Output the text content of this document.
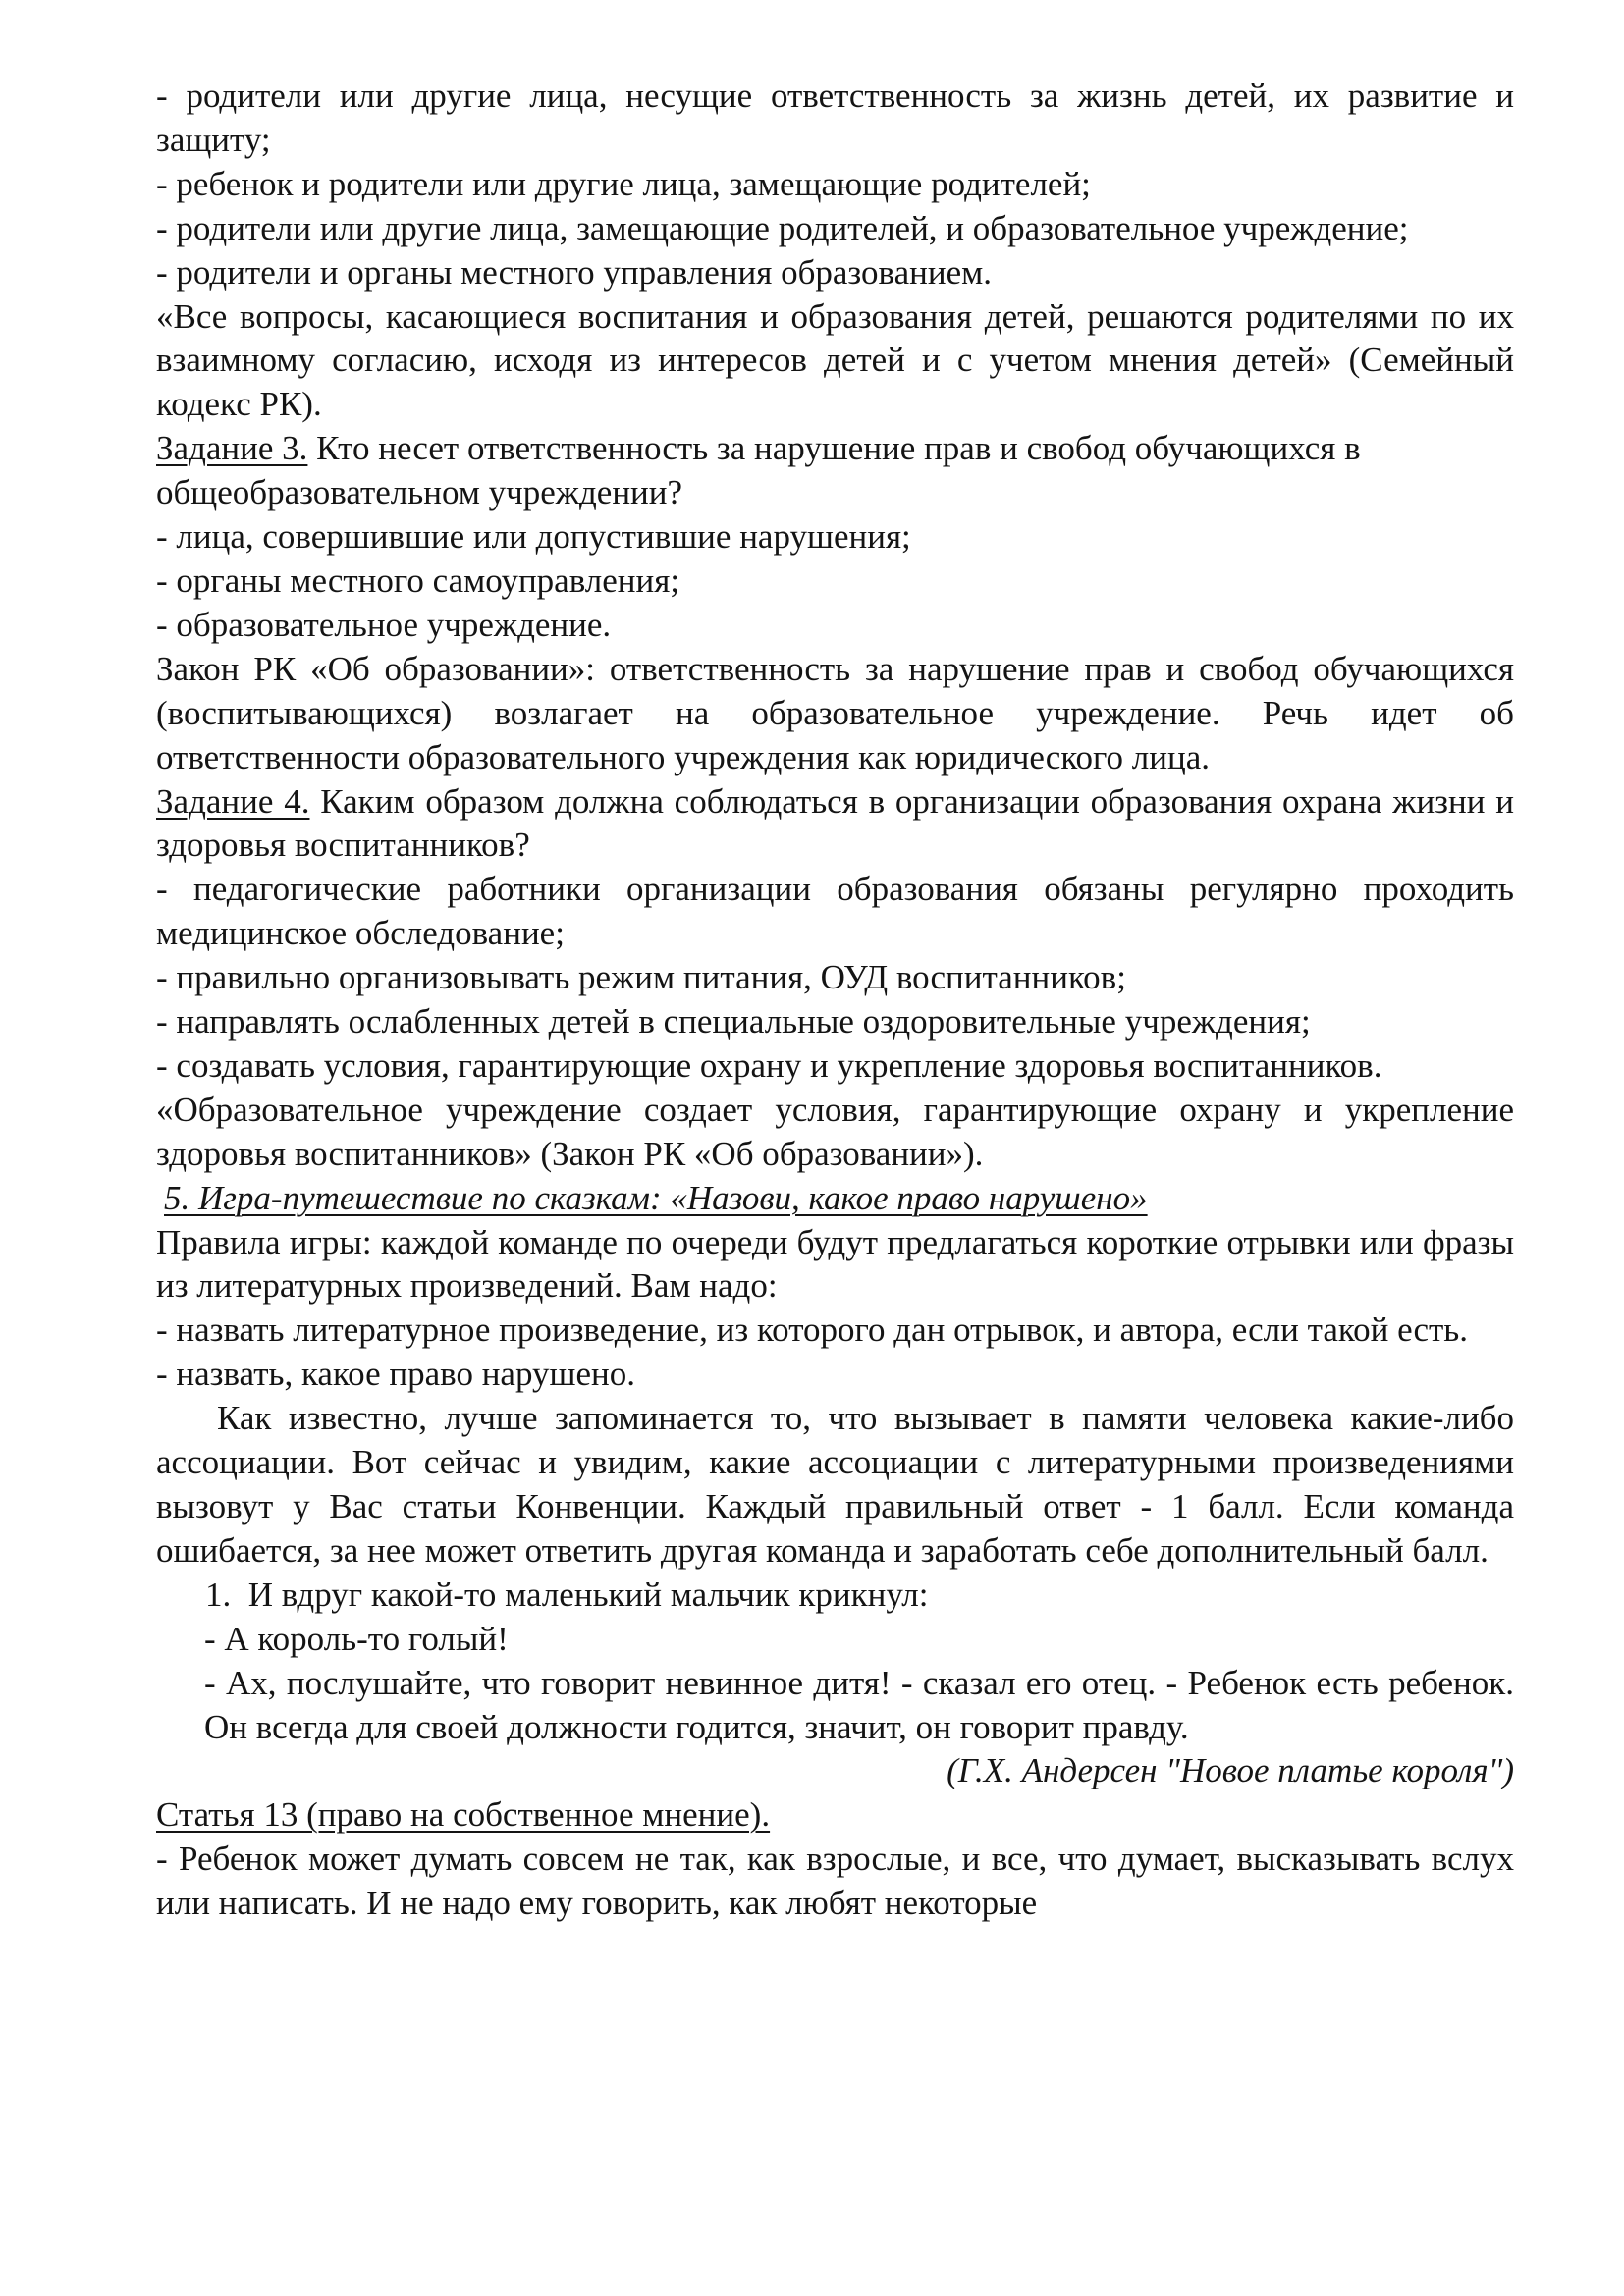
- родители или другие лица, несущие ответственность за жизнь детей, их развитие и защиту;

- ребенок и родители или другие лица, замещающие родителей;

- родители или другие лица, замещающие родителей, и образовательное учреждение;

- родители и органы местного управления образованием.

«Все вопросы, касающиеся воспитания и образования детей, решаются родителями по их взаимному согласию, исходя из интересов детей и с учетом мнения детей» (Семейный кодекс РК).

Задание 3. Кто несет ответственность за нарушение прав и свобод обучающихся в общеобразовательном учреждении?

- лица, совершившие или допустившие нарушения;

- органы местного самоуправления;

- образовательное учреждение.

Закон РК «Об образовании»: ответственность за нарушение прав и свобод обучающихся (воспитывающихся) возлагает на образовательное учреждение. Речь идет об ответственности образовательного учреждения как юридического лица.

Задание 4. Каким образом должна соблюдаться в организации образования охрана жизни и здоровья воспитанников?

- педагогические работники организации образования обязаны регулярно проходить медицинское обследование;

- правильно организовывать режим питания, ОУД воспитанников;

- направлять ослабленных детей в специальные оздоровительные учреждения;

- создавать условия, гарантирующие охрану и укрепление здоровья воспитанников.

«Образовательное учреждение создает условия, гарантирующие охрану и укрепление здоровья воспитанников» (Закон РК «Об образовании»).

5. Игра-путешествие по сказкам: «Назови, какое право нарушено»

Правила игры: каждой команде по очереди будут предлагаться короткие отрывки или фразы из литературных произведений. Вам надо:

- назвать литературное произведение, из которого дан отрывок, и автора, если такой есть.

- назвать, какое право нарушено.

Как известно, лучше запоминается то, что вызывает в памяти человека какие-либо ассоциации. Вот сейчас и увидим, какие ассоциации с литературными произведениями вызовут у Вас статьи Конвенции. Каждый правильный ответ - 1 балл. Если команда ошибается, за нее может ответить другая команда и заработать себе дополнительный балл.

1. И вдруг какой-то маленький мальчик крикнул:

- А король-то голый!

- Ах, послушайте, что говорит невинное дитя! - сказал его отец. - Ребенок есть ребенок. Он всегда для своей должности годится, значит, он говорит правду.

(Г.Х. Андерсен "Новое платье короля")

Статья 13 (право на собственное мнение).

- Ребенок может думать совсем не так, как взрослые, и все, что думает, высказывать вслух или написать. И не надо ему говорить, как любят некоторые
